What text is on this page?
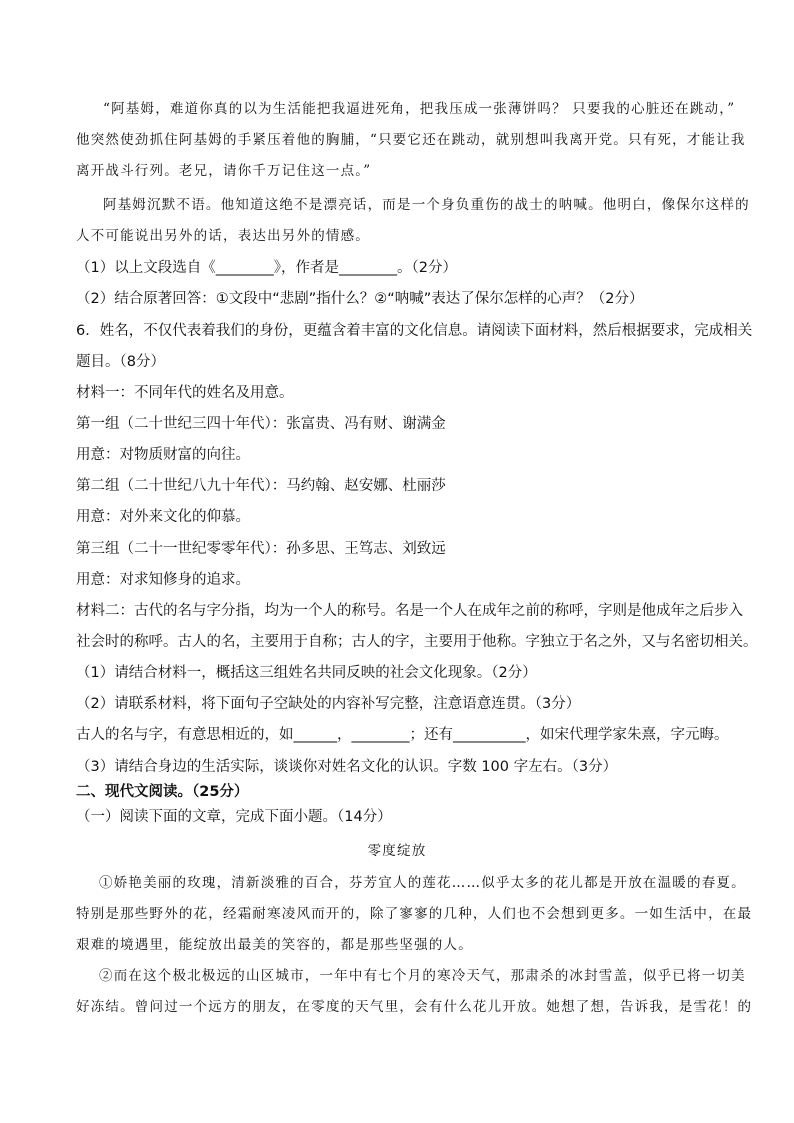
“阿基姆，难道你真的以为生活能把我逼进死角，把我压成一张薄饼吗？ 只要我的心脏还在跳动，”
他突然使劲抓住阿基姆的手紧压着他的胸脯，“只要它还在跳动，就别想叫我离开党。只有死，才能让我
离开战斗行列。老兄，请你千万记住这一点。”
阿基姆沉默不语。他知道这绝不是漂亮话，而是一个身负重伤的战士的呐喊。他明白，像保尔这样的
人不可能说出另外的话，表达出另外的情感。
（1）以上文段选自《________》，作者是________。（2分）
（2）结合原著回答：①文段中“悲剧”指什么？②“呐喊”表达了保尔怎样的心声？（2分）
6．姓名，不仅代表着我们的身份，更蕴含着丰富的文化信息。请阅读下面材料，然后根据要求，完成相关
题目。（8分）
材料一：不同年代的姓名及用意。
第一组（二十世纪三四十年代）：张富贵、冯有财、谢满金
用意：对物质财富的向往。
第二组（二十世纪八九十年代）：马约翰、赵安娜、杜丽莎
用意：对外来文化的仰慕。
第三组（二十一世纪零零年代）：孙多思、王笃志、刘致远
用意：对求知修身的追求。
材料二：古代的名与字分指，均为一个人的称号。名是一个人在成年之前的称呼，字则是他成年之后步入
社会时的称呼。古人的名，主要用于自称；古人的字，主要用于他称。字独立于名之外，又与名密切相关。
（1）请结合材料一，概括这三组姓名共同反映的社会文化现象。（2分）
（2）请联系材料，将下面句子空缺处的内容补写完整，注意语意连贯。（3分）
古人的名与字，有意思相近的，如______，________；还有__________，如宋代理学家朱熹，字元晦。
（3）请结合身边的生活实际，谈谈你对姓名文化的认识。字数 100 字左右。（3分）
二、现代文阅读。（25分）
（一）阅读下面的文章，完成下面小题。（14分）
零度绽放
①娇艳美丽的玫瑰，清新淡雅的百合，芬芳宜人的莲花……似乎太多的花儿都是开放在温暖的春夏。
特别是那些野外的花，经霜耐寒凌风而开的，除了寥寥的几种，人们也不会想到更多。一如生活中，在最
艰难的境遇里，能绽放出最美的笑容的，都是那些坚强的人。
②而在这个极北极远的山区城市，一年中有七个月的寒冷天气，那肃杀的冰封雪盖，似乎已将一切美
好冻结。曾问过一个远方的朋友，在零度的天气里，会有什么花儿开放。她想了想，告诉我，是雪花！的
